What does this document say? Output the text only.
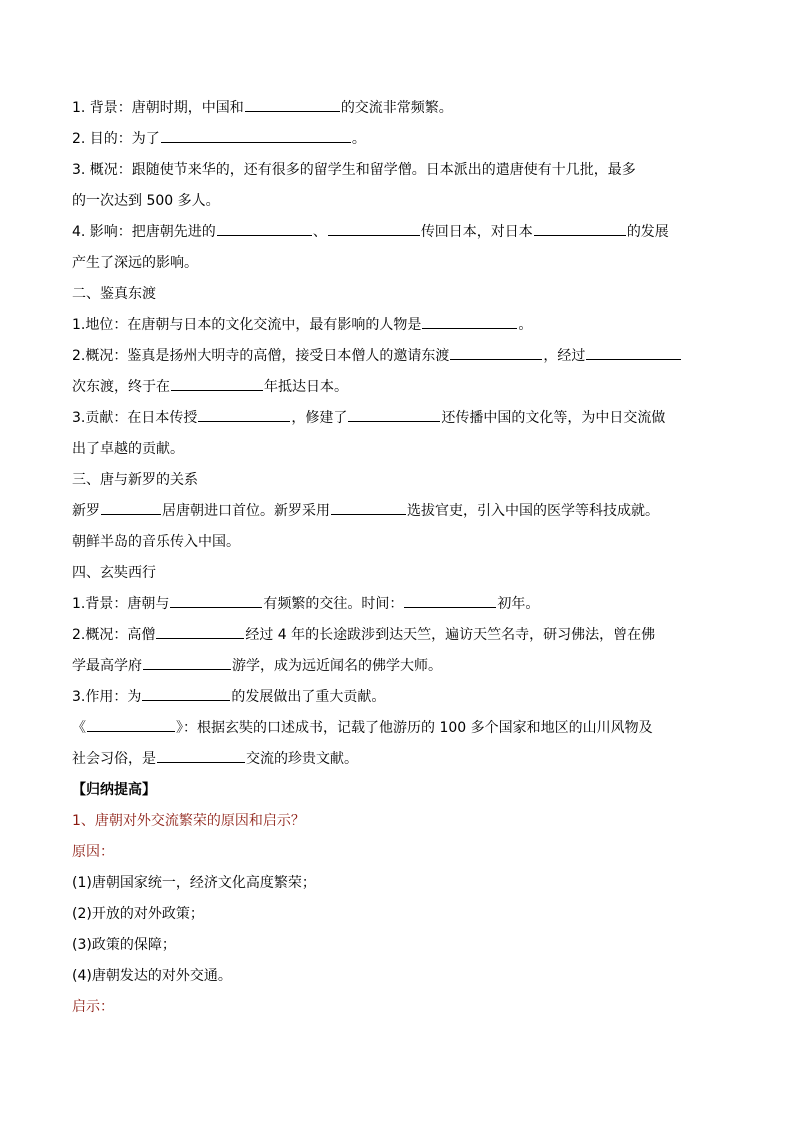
1. 背景：唐朝时期，中国和	的交流非常频繁。
2. 目的：为了	。
3. 概况：跟随使节来华的，还有很多的留学生和留学僧。日本派出的遣唐使有十几批，最多
的一次达到 500 多人。
4. 影响：把唐朝先进的	、	传回日本，对日本	的发展
产生了深远的影响。
二、鉴真东渡
1.地位：在唐朝与日本的文化交流中，最有影响的人物是	。
2.概况：鉴真是扬州大明寺的高僧，接受日本僧人的邀请东渡	，经过
次东渡，终于在	年抵达日本。
3.贡献：在日本传授	，修建了	还传播中国的文化等，为中日交流做
出了卓越的贡献。
三、唐与新罗的关系
新罗	居唐朝进口首位。新罗采用	选拔官吏，引入中国的医学等科技成就。
朝鲜半岛的音乐传入中国。
四、玄奘西行
1.背景：唐朝与	有频繁的交往。时间：	初年。
2.概况：高僧	经过 4 年的长途跋涉到达天竺，遍访天竺名寺，研习佛法，曾在佛
学最高学府	游学，成为远近闻名的佛学大师。
3.作用：为	的发展做出了重大贡献。
《	》：根据玄奘的口述成书，记载了他游历的 100 多个国家和地区的山川风物及
社会习俗，是	交流的珍贵文献。
【归纳提高】
1、唐朝对外交流繁荣的原因和启示？
原因：
(1)唐朝国家统一，经济文化高度繁荣；
(2)开放的对外政策；
(3)政策的保障；
(4)唐朝发达的对外交通。
启示：
